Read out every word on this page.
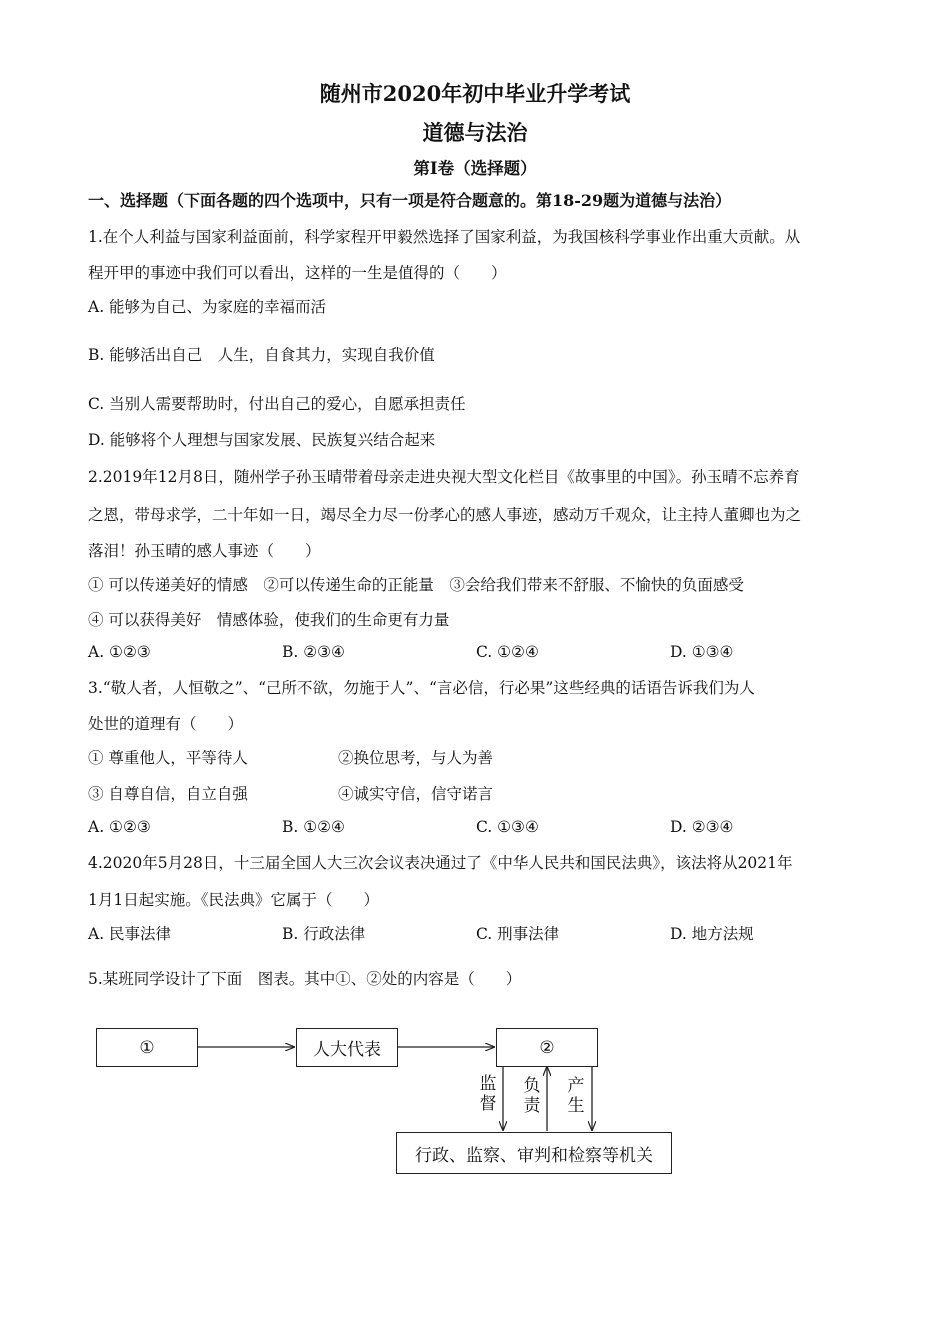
随州市2020年初中毕业升学考试
道德与法治
第Ⅰ卷（选择题）
一、选择题（下面各题的四个选项中，只有一项是符合题意的。第18-29题为道德与法治）
1.在个人利益与国家利益面前，科学家程开甲毅然选择了国家利益，为我国核科学事业作出重大贡献。从
程开甲的事迹中我们可以看出，这样的一生是值得的（　　）
A. 能够为自己、为家庭的幸福而活
B. 能够活出自己　人生，自食其力，实现自我价值
C. 当别人需要帮助时，付出自己的爱心，自愿承担责任
D. 能够将个人理想与国家发展、民族复兴结合起来
2.2019年12月8日，随州学子孙玉晴带着母亲走进央视大型文化栏目《故事里的中国》。孙玉晴不忘养育
之恩，带母求学，二十年如一日，竭尽全力尽一份孝心的感人事迹，感动万千观众，让主持人董卿也为之
落泪！孙玉晴的感人事迹（　　）
① 可以传递美好的情感　②可以传递生命的正能量　③会给我们带来不舒服、不愉快的负面感受
④ 可以获得美好　情感体验，使我们的生命更有力量
A. ①②③	B. ②③④	C. ①②④	D. ①③④
3.“敬人者，人恒敬之”、“己所不欲，勿施于人”、“言必信，行必果”这些经典的话语告诉我们为人
处世的道理有（　　）
① 尊重他人，平等待人	②换位思考，与人为善
③ 自尊自信，自立自强	④诚实守信，信守诺言
A. ①②③	B. ①②④	C. ①③④	D. ②③④
4.2020年5月28日，十三届全国人大三次会议表决通过了《中华人民共和国民法典》，该法将从2021年
1月1日起实施。《民法典》它属于（　　）
A. 民事法律	B. 行政法律	C. 刑事法律	D. 地方法规
5.某班同学设计了下面　图表。其中①、②处的内容是（　　）
①	人大代表	②
行政、监察、审判和检察等机关
监督
负责
产生
